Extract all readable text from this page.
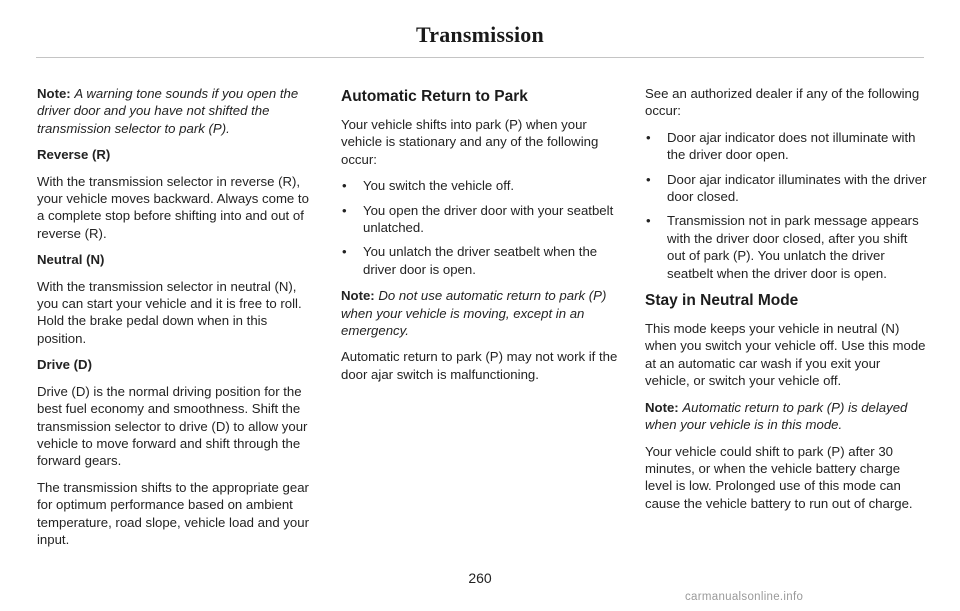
Transmission

Note: A warning tone sounds if you open the driver door and you have not shifted the transmission selector to park (P).

Reverse (R)

With the transmission selector in reverse (R), your vehicle moves backward. Always come to a complete stop before shifting into and out of reverse (R).

Neutral (N)

With the transmission selector in neutral (N), you can start your vehicle and it is free to roll. Hold the brake pedal down when in this position.

Drive (D)

Drive (D) is the normal driving position for the best fuel economy and smoothness. Shift the transmission selector to drive (D) to allow your vehicle to move forward and shift through the forward gears.

The transmission shifts to the appropriate gear for optimum performance based on ambient temperature, road slope, vehicle load and your input.

Automatic Return to Park

Your vehicle shifts into park (P) when your vehicle is stationary and any of the following occur:

• You switch the vehicle off.
• You open the driver door with your seatbelt unlatched.
• You unlatch the driver seatbelt when the driver door is open.

Note: Do not use automatic return to park (P) when your vehicle is moving, except in an emergency.

Automatic return to park (P) may not work if the door ajar switch is malfunctioning.

See an authorized dealer if any of the following occur:

• Door ajar indicator does not illuminate with the driver door open.
• Door ajar indicator illuminates with the driver door closed.
• Transmission not in park message appears with the driver door closed, after you shift out of park (P). You unlatch the driver seatbelt when the driver door is open.
Stay in Neutral Mode

This mode keeps your vehicle in neutral (N) when you switch your vehicle off. Use this mode at an automatic car wash if you exit your vehicle, or switch your vehicle off.

Note: Automatic return to park (P) is delayed when your vehicle is in this mode.

Your vehicle could shift to park (P) after 30 minutes, or when the vehicle battery charge level is low. Prolonged use of this mode can cause the vehicle battery to run out of charge.

260
carmanualsonline.info
